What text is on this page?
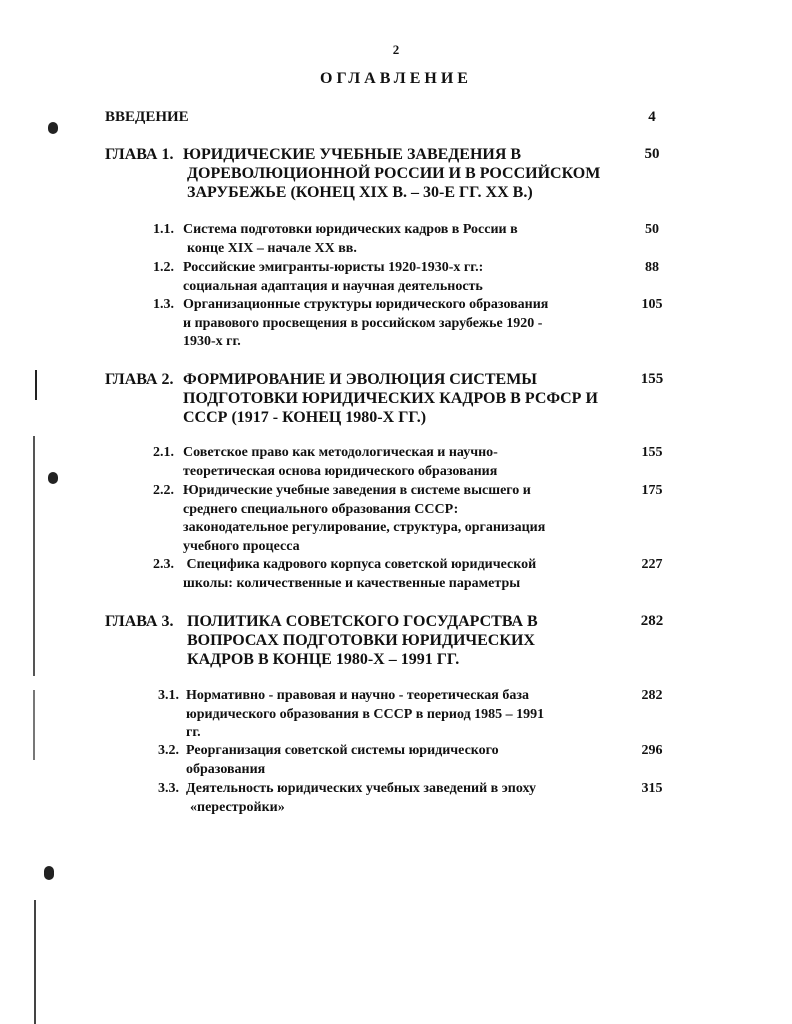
2
ОГЛАВЛЕНИЕ
ВВЕДЕНИЕ	4
ГЛАВА 1. ЮРИДИЧЕСКИЕ УЧЕБНЫЕ ЗАВЕДЕНИЯ В
ДОРЕВОЛЮЦИОННОЙ РОССИИ И В РОССИЙСКОМ
ЗАРУБЕЖЬЕ (КОНЕЦ XIX В. – 30-Е ГГ. XX В.)
50
1.1. Система подготовки юридических кадров в России в
конце XIX – начале XX вв.
50
1.2. Российские эмигранты-юристы 1920-1930-х гг.:
социальная адаптация и научная деятельность
88
1.3. Организационные структуры юридического образования
и правового просвещения в российском зарубежье 1920 -
1930-х гг.
105
ГЛАВА 2. ФОРМИРОВАНИЕ И ЭВОЛЮЦИЯ СИСТЕМЫ
ПОДГОТОВКИ ЮРИДИЧЕСКИХ КАДРОВ В РСФСР И
СССР (1917 - КОНЕЦ 1980-Х ГГ.)
155
2.1. Советское право как методологическая и научно-
теоретическая основа юридического образования
155
2.2. Юридические учебные заведения в системе высшего и
среднего специального образования СССР:
законодательное регулирование, структура, организация
учебного процесса
175
2.3. Специфика кадрового корпуса советской юридической
школы: количественные и качественные параметры
227
ГЛАВА 3. ПОЛИТИКА СОВЕТСКОГО ГОСУДАРСТВА В
ВОПРОСАХ ПОДГОТОВКИ ЮРИДИЧЕСКИХ
КАДРОВ В КОНЦЕ 1980-Х – 1991 ГГ.
282
3.1. Нормативно - правовая и научно - теоретическая база
юридического образования в СССР в период 1985 – 1991
гг.
282
3.2. Реорганизация советской системы юридического
образования
296
3.3. Деятельность юридических учебных заведений в эпоху
«перестройки»
315
